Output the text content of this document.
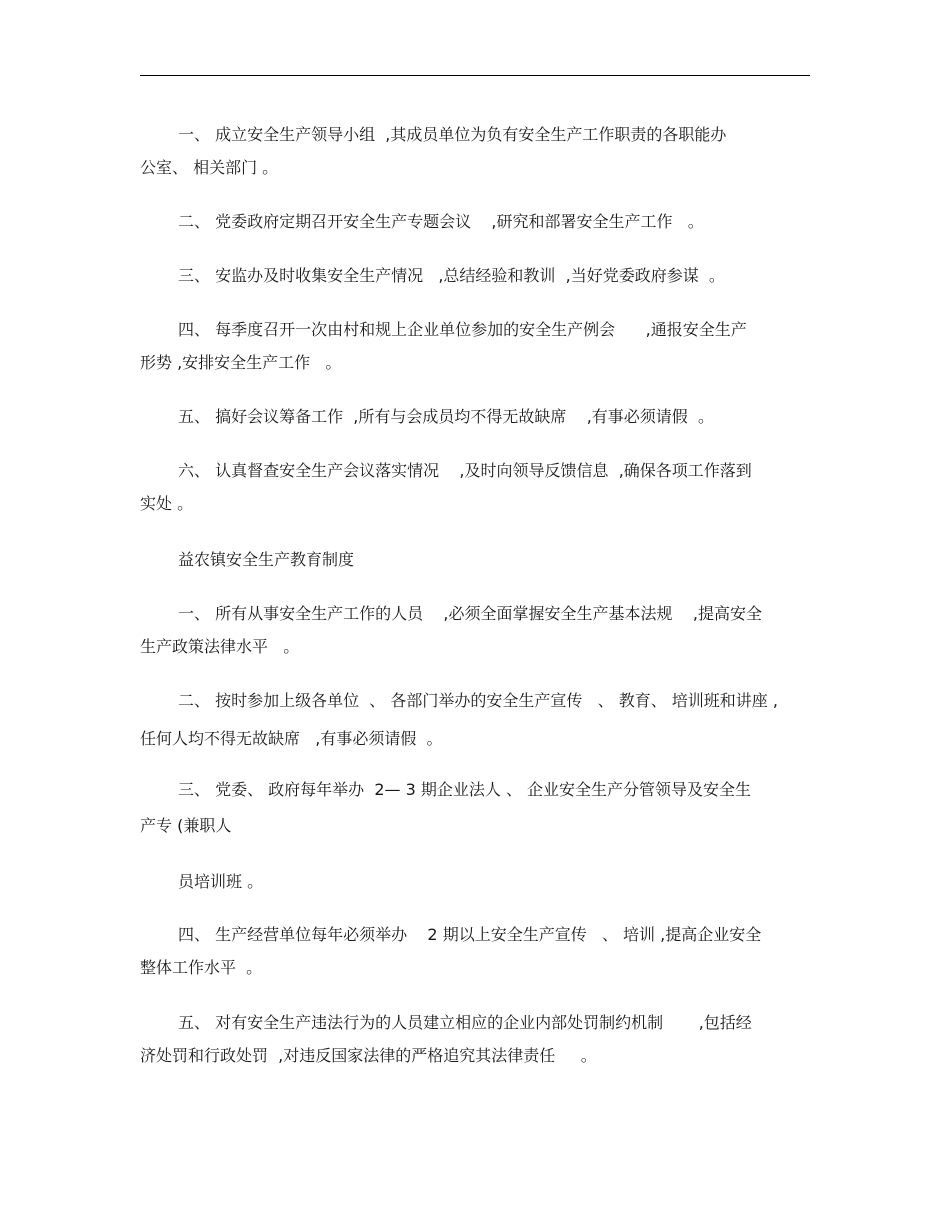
一、 成立安全生产领导小组  ,其成员单位为负有安全生产工作职责的各职能办

公室、 相关部门 。

二、 党委政府定期召开安全生产专题会议    ,研究和部署安全生产工作   。

三、 安监办及时收集安全生产情况   ,总结经验和教训  ,当好党委政府参谋  。

四、 每季度召开一次由村和规上企业单位参加的安全生产例会      ,通报安全生产

形势 ,安排安全生产工作   。

五、 搞好会议筹备工作  ,所有与会成员均不得无故缺席    ,有事必须请假  。

六、 认真督查安全生产会议落实情况    ,及时向领导反馈信息  ,确保各项工作落到

实处 。

益农镇安全生产教育制度

一、 所有从事安全生产工作的人员    ,必须全面掌握安全生产基本法规    ,提高安全

生产政策法律水平   。

二、 按时参加上级各单位  、 各部门举办的安全生产宣传   、 教育、 培训班和讲座 ,

任何人均不得无故缺席   ,有事必须请假  。

三、 党委、 政府每年举办  2— 3 期企业法人 、 企业安全生产分管领导及安全生

产专 (兼职人

员培训班 。

四、 生产经营单位每年必须举办    2 期以上安全生产宣传   、 培训 ,提高企业安全

整体工作水平  。

五、 对有安全生产违法行为的人员建立相应的企业内部处罚制约机制       ,包括经

济处罚和行政处罚  ,对违反国家法律的严格追究其法律责任     。
